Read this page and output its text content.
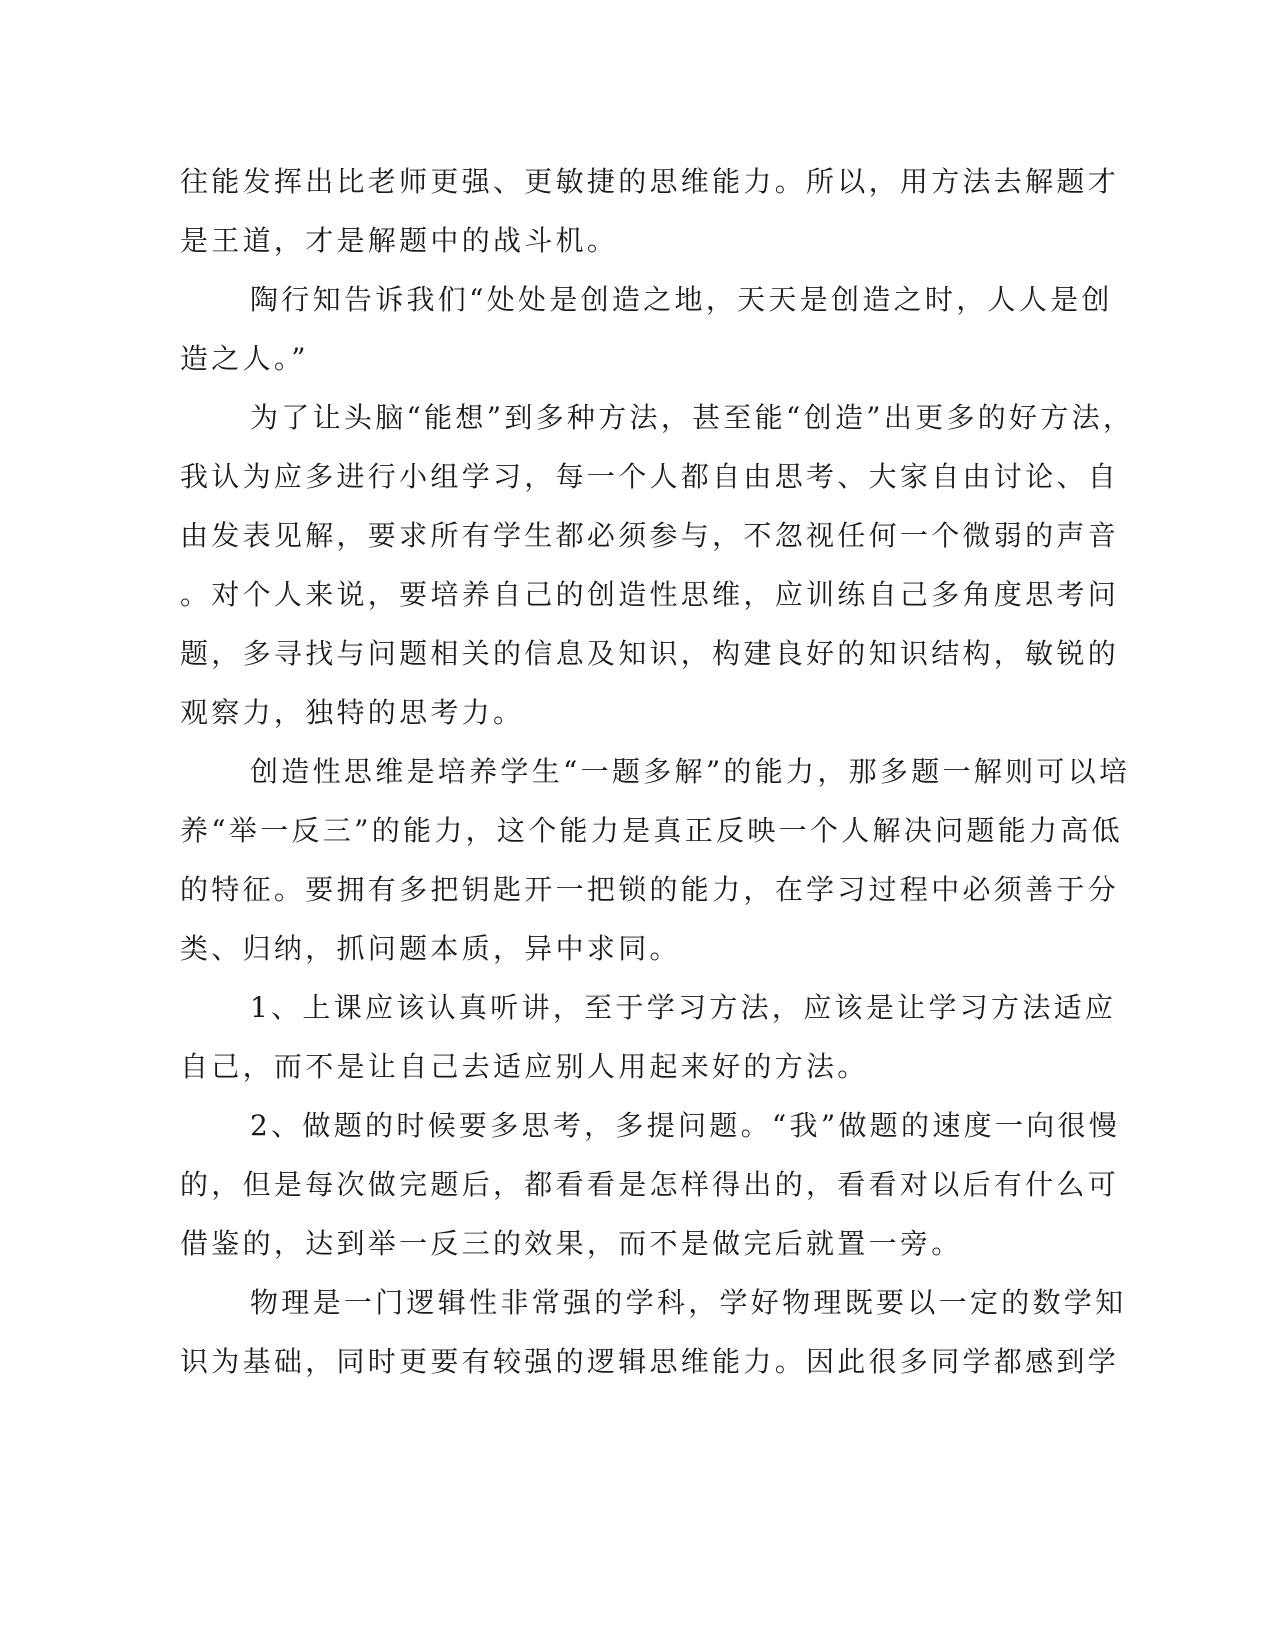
往能发挥出比老师更强、更敏捷的思维能力。所以，用方法去解题才
是王道，才是解题中的战斗机。
陶行知告诉我们“处处是创造之地，天天是创造之时，人人是创
造之人。”
为了让头脑“能想”到多种方法，甚至能“创造”出更多的好方法，
我认为应多进行小组学习，每一个人都自由思考、大家自由讨论、自
由发表见解，要求所有学生都必须参与，不忽视任何一个微弱的声音
。对个人来说，要培养自己的创造性思维，应训练自己多角度思考问
题，多寻找与问题相关的信息及知识，构建良好的知识结构，敏锐的
观察力，独特的思考力。
创造性思维是培养学生“一题多解”的能力，那多题一解则可以培
养“举一反三”的能力，这个能力是真正反映一个人解决问题能力高低
的特征。要拥有多把钥匙开一把锁的能力，在学习过程中必须善于分
类、归纳，抓问题本质，异中求同。
1、上课应该认真听讲，至于学习方法，应该是让学习方法适应
自己，而不是让自己去适应别人用起来好的方法。
2、做题的时候要多思考，多提问题。“我”做题的速度一向很慢
的，但是每次做完题后，都看看是怎样得出的，看看对以后有什么可
借鉴的，达到举一反三的效果，而不是做完后就置一旁。
物理是一门逻辑性非常强的学科，学好物理既要以一定的数学知
识为基础，同时更要有较强的逻辑思维能力。因此很多同学都感到学
